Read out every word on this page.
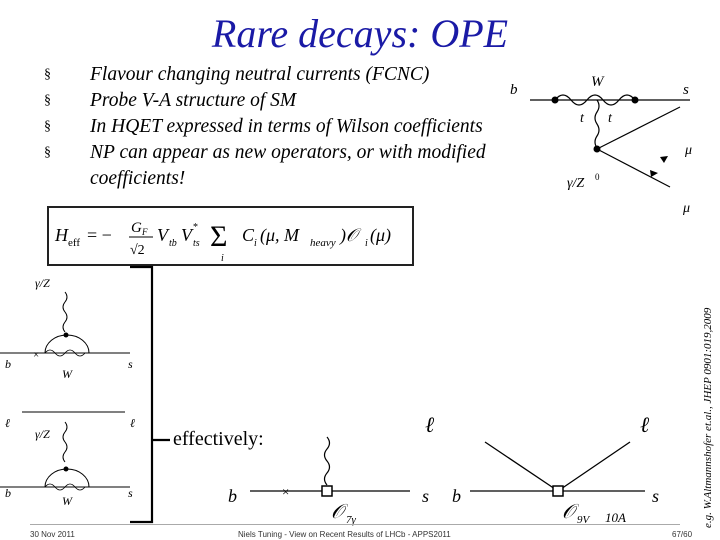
Rare decays: OPE
§ Flavour changing neutral currents (FCNC)
§ Probe V-A structure of SM
§ In HQET expressed in terms of Wilson coefficients
§ NP can appear as new operators, or with modified coefficients!
H eff = − G F
√2
V tb V *
ts Σ
i
C i (μ, M heavy )𝒪 i (μ)
b	W	s
t t
μ
γ/Z 0
μ
×
γ/Z
b
W
s
ℓ	ℓ
γ/Z
b
W
s
effectively:
×
b	s
𝒪 7γ
ℓ	ℓ
b	s
𝒪 9V 10A	e.g. W.Altmannshofer et.al., JHEP 0901:019,2009
30 Nov 2011	Niels Tuning - View on Recent Results of LHCb - APPS2011	67/60
